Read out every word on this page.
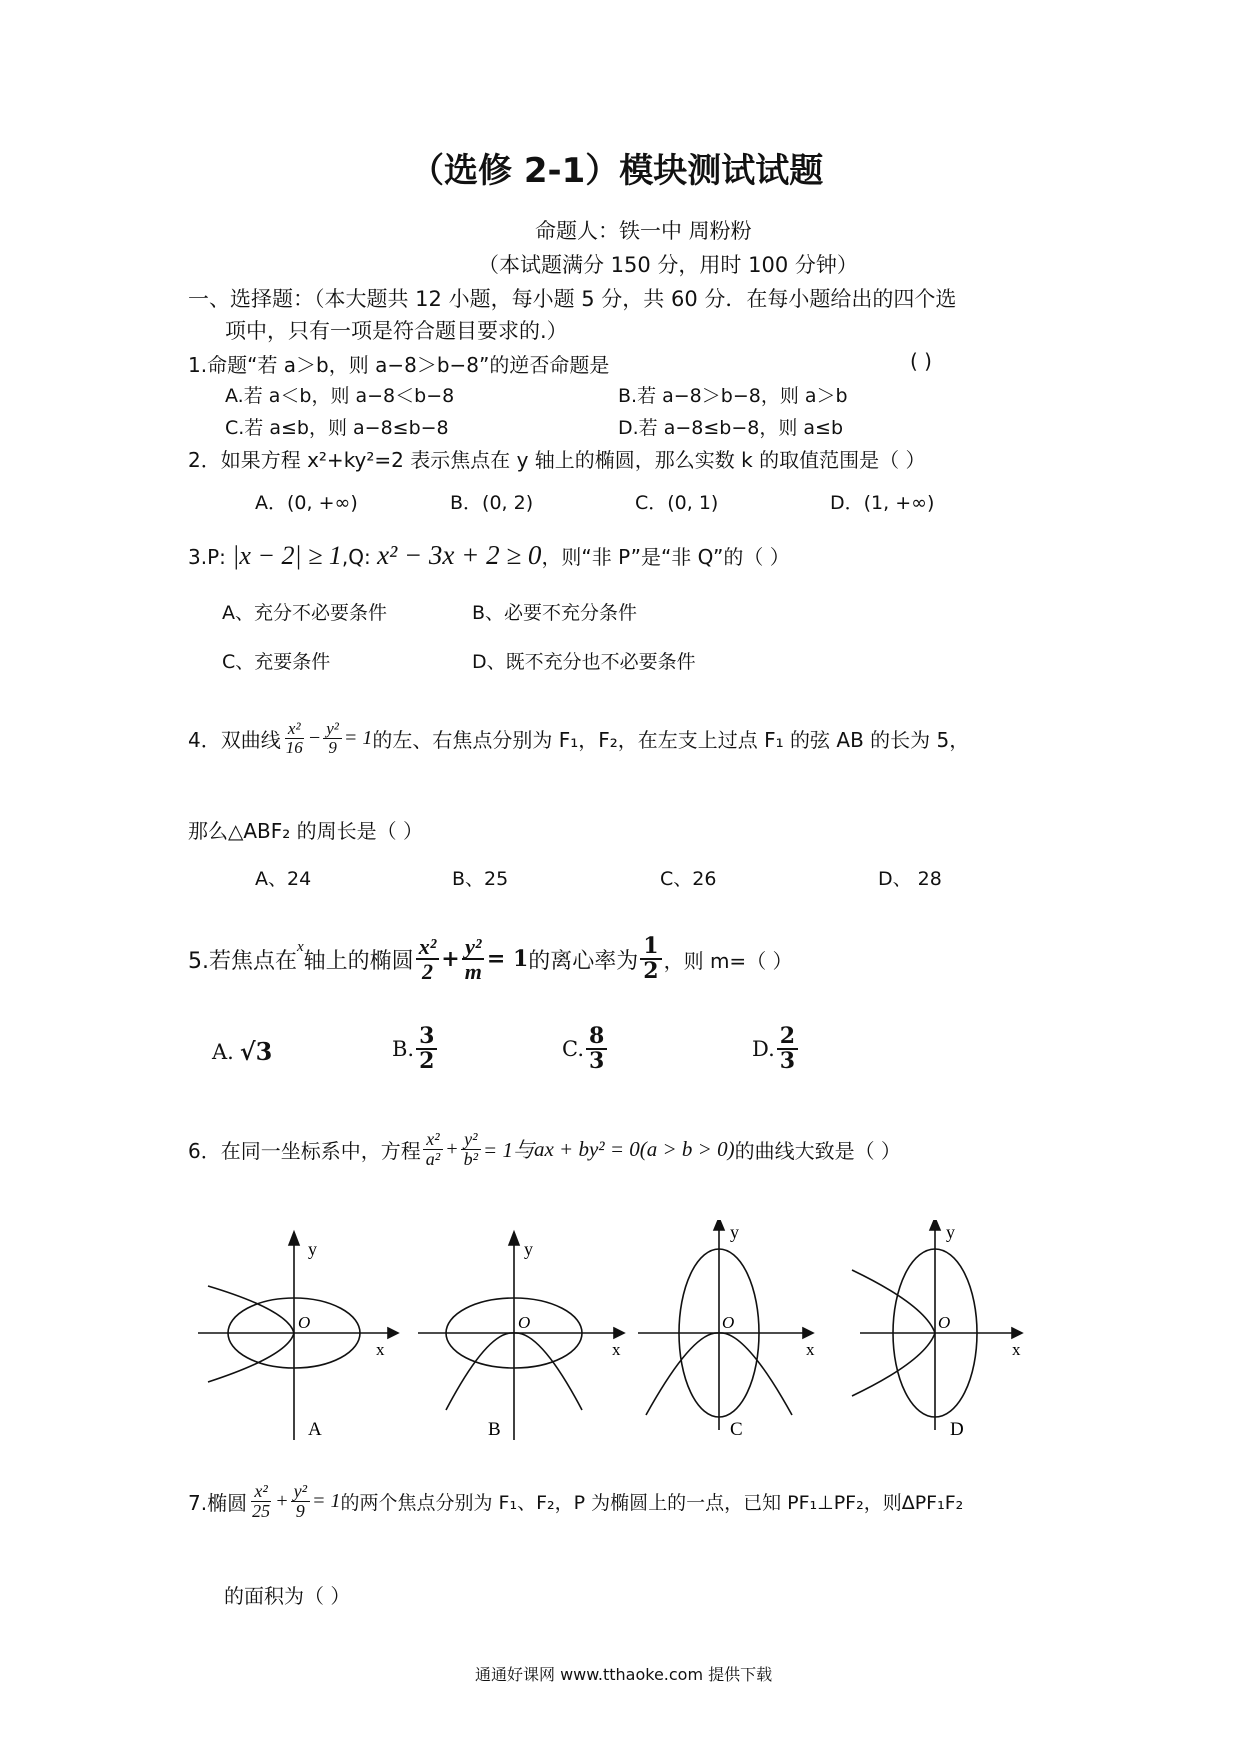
（选修 2-1）模块测试试题
命题人：铁一中 周粉粉
（本试题满分 150 分，用时 100 分钟）
一、选择题：（本大题共 12 小题，每小题 5 分，共 60 分．在每小题给出的四个选
项中，只有一项是符合题目要求的.）
1.命题“若 a＞b，则 a−8＞b−8”的逆否命题是	( )
A.若 a＜b，则 a−8＜b−8	B.若 a−8＞b−8，则 a＞b
C.若 a≤b，则 a−8≤b−8	D.若 a−8≤b−8，则 a≤b
2．如果方程 x²+ky²=2 表示焦点在 y 轴上的椭圆，那么实数 k 的取值范围是（ ）
A．(0, +∞)	B．(0, 2)	C．(0, 1)	D．(1, +∞)
3.P: |x − 2| ≥ 1,Q: x² − 3x + 2 ≥ 0，则“非 P”是“非 Q”的（ ）
A、充分不必要条件	B、必要不充分条件
C、充要条件	D、既不充分也不必要条件
4．双曲线 $\frac{\text{x²}}{16} - \frac{\text{y²}}{9} = 1$ 的左、右焦点分别为 F₁，F₂，在左支上过点 F₁ 的弦 AB 的长为 5，
那么△ABF₂ 的周长是（ ）
A、24	B、25	C、26	D、 28
5.若焦点在
x
轴上的椭圆 $\frac{\text{x²}}{2} + \frac{\text{y²}}{m} = 1$ 的离心率为 $\frac{1}{2}$ ，则 m=（ ）
A. √3	B. $\frac{3}{2}$	C. $\frac{8}{3}$	D. $\frac{2}{3}$
6．在同一坐标系中，方程 $\frac{\text{x²}}{\text{a²}} + \frac{\text{y²}}{\text{b²}} = 1$与 ax + by² = 0(a > b > 0) 的曲线大致是（ ）
y
x
O
A
y
x
O
B
y
x
O
C
y
x
O
D
7.椭圆 $\frac{\text{x²}}{25} + \frac{\text{y²}}{9} = 1$ 的两个焦点分别为 F₁、F₂，P 为椭圆上的一点，已知 PF₁⊥PF₂，则ΔPF₁F₂
的面积为（ ）
通通好课网 www.tthaoke.com 提供下载
